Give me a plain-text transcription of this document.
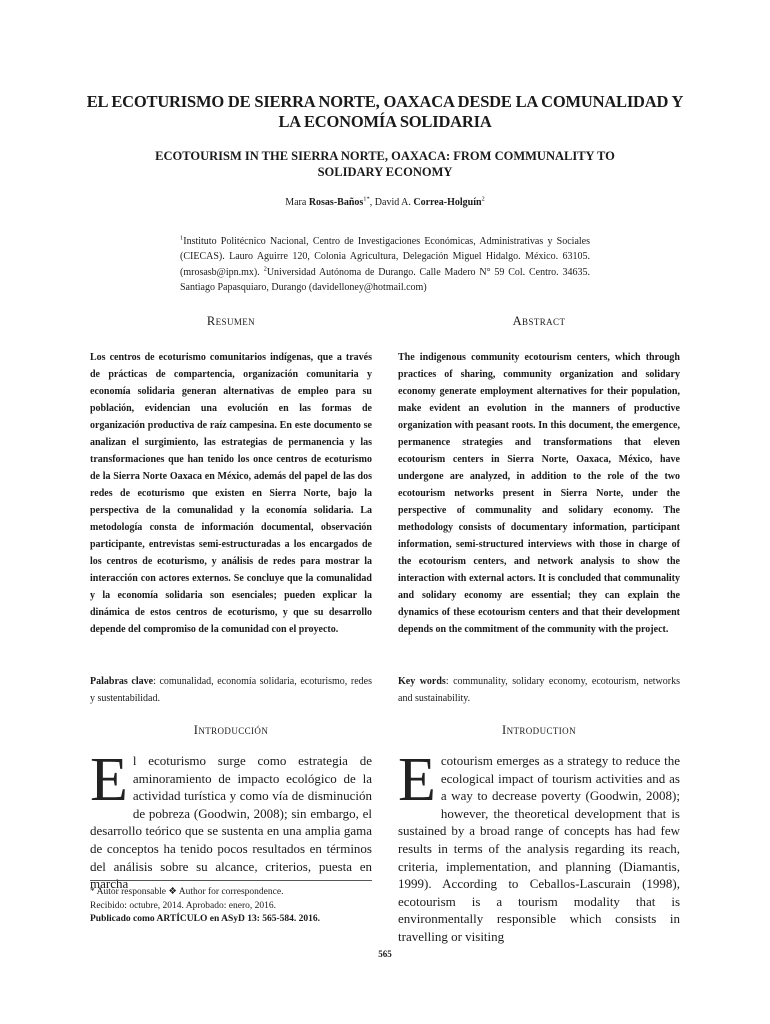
EL ECOTURISMO DE SIERRA NORTE, OAXACA DESDE LA COMUNALIDAD Y
LA ECONOMÍA SOLIDARIA
ECOTOURISM IN THE SIERRA NORTE, OAXACA: FROM COMMUNALITY TO
SOLIDARY ECONOMY
Mara Rosas-Baños$^{1*}$, David A. Correa-Holguín$^2$
$^1$Instituto Politécnico Nacional, Centro de Investigaciones Económicas, Administrativas y Sociales (CIECAS). Lauro Aguirre 120, Colonia Agricultura, Delegación Miguel Hidalgo. México. 63105. (mrosasb@ipn.mx). $^2$Universidad Autónoma de Durango. Calle Madero N° 59 Col. Centro. 34635. Santiago Papasquiaro, Durango (davidelloney@hotmail.com)
Resumen	Abstract

Los centros de ecoturismo comunitarios indígenas, que a través de prácticas de compartencia, organización comunitaria y economía solidaria generan alternativas de empleo para su población, evidencian una evolución en las formas de organización productiva de raíz campesina. En este documento se analizan el surgimiento, las estrategias de permanencia y las transformaciones que han tenido los once centros de ecoturismo de la Sierra Norte Oaxaca en México, además del papel de las dos redes de ecoturismo que existen en Sierra Norte, bajo la perspectiva de la comunalidad y la economía solidaria. La metodología consta de información documental, observación participante, entrevistas semi-estructuradas a los encargados de los centros de ecoturismo, y análisis de redes para mostrar la interacción con actores externos. Se concluye que la comunalidad y la economía solidaria son esenciales; pueden explicar la dinámica de estos centros de ecoturismo, y que su desarrollo depende del compromiso de la comunidad con el proyecto.

The indigenous community ecotourism centers, which through practices of sharing, community organization and solidary economy generate employment alternatives for their population, make evident an evolution in the manners of productive organization with peasant roots. In this document, the emergence, permanence strategies and transformations that eleven ecotourism centers in Sierra Norte, Oaxaca, México, have undergone are analyzed, in addition to the role of the two ecotourism networks present in Sierra Norte, under the perspective of communality and solidary economy. The methodology consists of documentary information, participant information, semi-structured interviews with those in charge of the ecotourism centers, and network analysis to show the interaction with external actors. It is concluded that communality and solidary economy are essential; they can explain the dynamics of these ecotourism centers and that their development depends on the commitment of the community with the project.

Palabras clave: comunalidad, economía solidaria, ecoturismo, redes y sustentabilidad.

Key words: communality, solidary economy, ecotourism, networks and sustainability.

Introducción	Introduction

El ecoturismo surge como estrategia de aminoramiento de impacto ecológico de la actividad turística y como vía de disminución de pobreza (Goodwin, 2008); sin embargo, el desarrollo teórico que se sustenta en una amplia gama de conceptos ha tenido pocos resultados en términos del análisis sobre su alcance, criterios, puesta en marcha

Ecotourism emerges as a strategy to reduce the ecological impact of tourism activities and as a way to decrease poverty (Goodwin, 2008); however, the theoretical development that is sustained by a broad range of concepts has had few results in terms of the analysis regarding its reach, criteria, implementation, and planning (Diamantis, 1999). According to Ceballos-Lascurain (1998), ecotourism is a tourism modality that is environmentally responsible which consists in travelling or visiting

* Autor responsable ❖ Author for correspondence.
Recibido: octubre, 2014. Aprobado: enero, 2016.
Publicado como ARTÍCULO en ASyD 13: 565-584. 2016.
565
